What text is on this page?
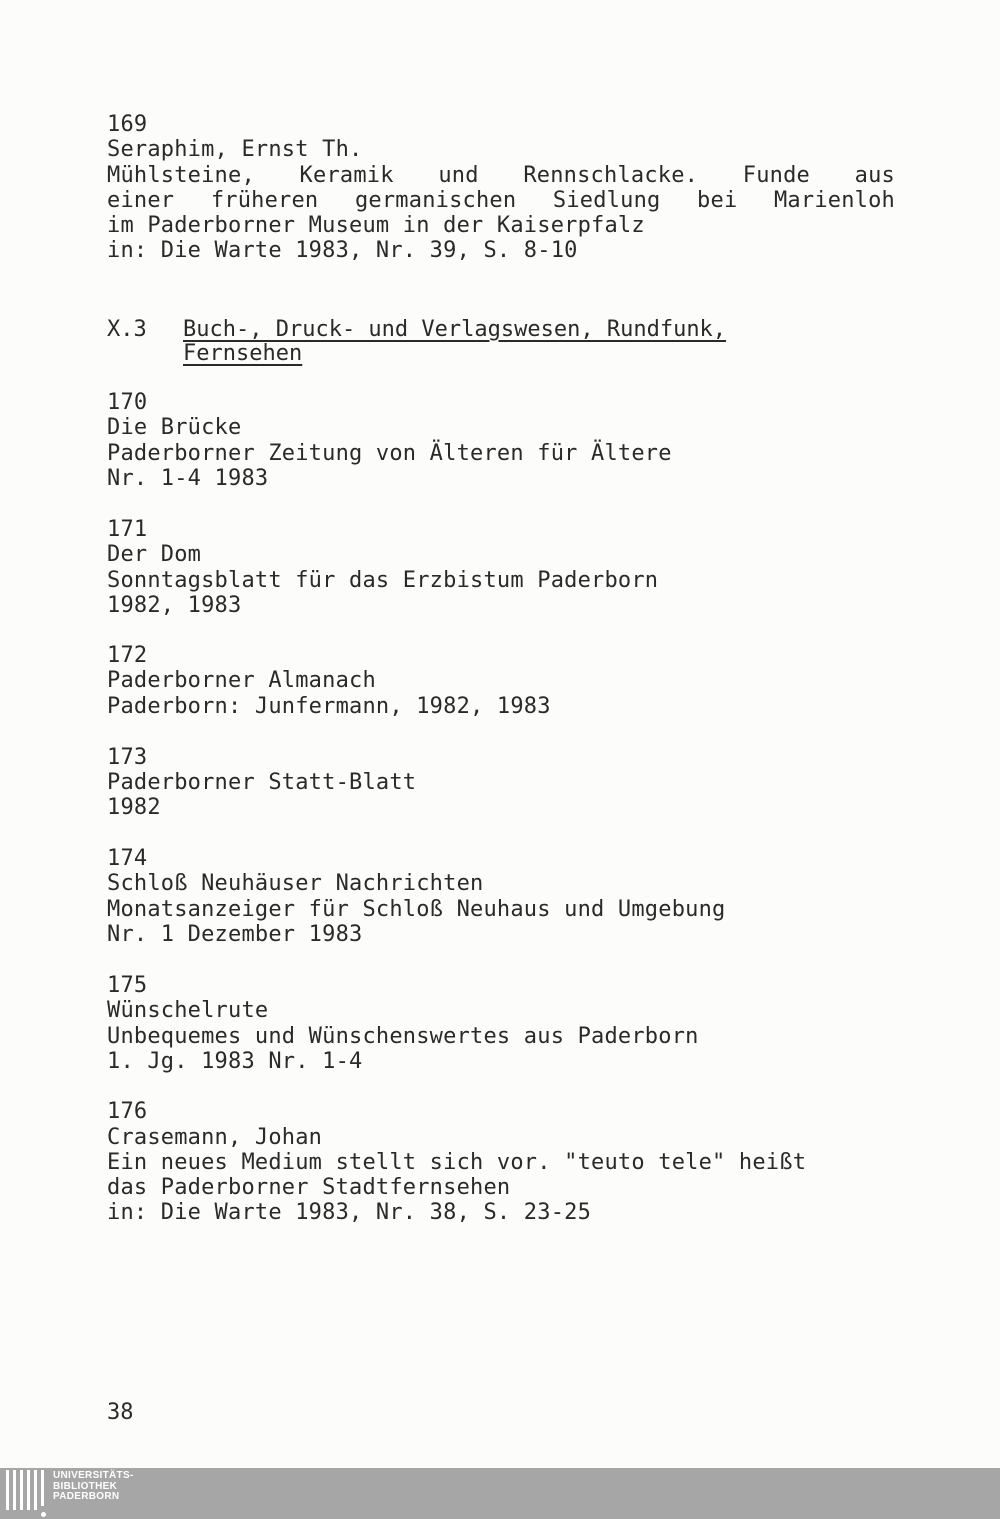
169
Seraphim, Ernst Th.
Mühlsteine, Keramik und Rennschlacke. Funde aus
einer früheren germanischen Siedlung bei Marienloh
im Paderborner Museum in der Kaiserpfalz
in: Die Warte 1983, Nr. 39, S. 8-10
X.3 Buch-, Druck- und Verlagswesen, Rundfunk,
Fernsehen
170
Die Brücke
Paderborner Zeitung von Älteren für Ältere
Nr. 1-4 1983
171
Der Dom
Sonntagsblatt für das Erzbistum Paderborn
1982, 1983
172
Paderborner Almanach
Paderborn: Junfermann, 1982, 1983
173
Paderborner Statt-Blatt
1982
174
Schloß Neuhäuser Nachrichten
Monatsanzeiger für Schloß Neuhaus und Umgebung
Nr. 1 Dezember 1983
175
Wünschelrute
Unbequemes und Wünschenswertes aus Paderborn
1. Jg. 1983 Nr. 1-4
176
Crasemann, Johan
Ein neues Medium stellt sich vor. "teuto tele" heißt
das Paderborner Stadtfernsehen
in: Die Warte 1983, Nr. 38, S. 23-25
38
UNIVERSITÄTS-
BIBLIOTHEK
PADERBORN
